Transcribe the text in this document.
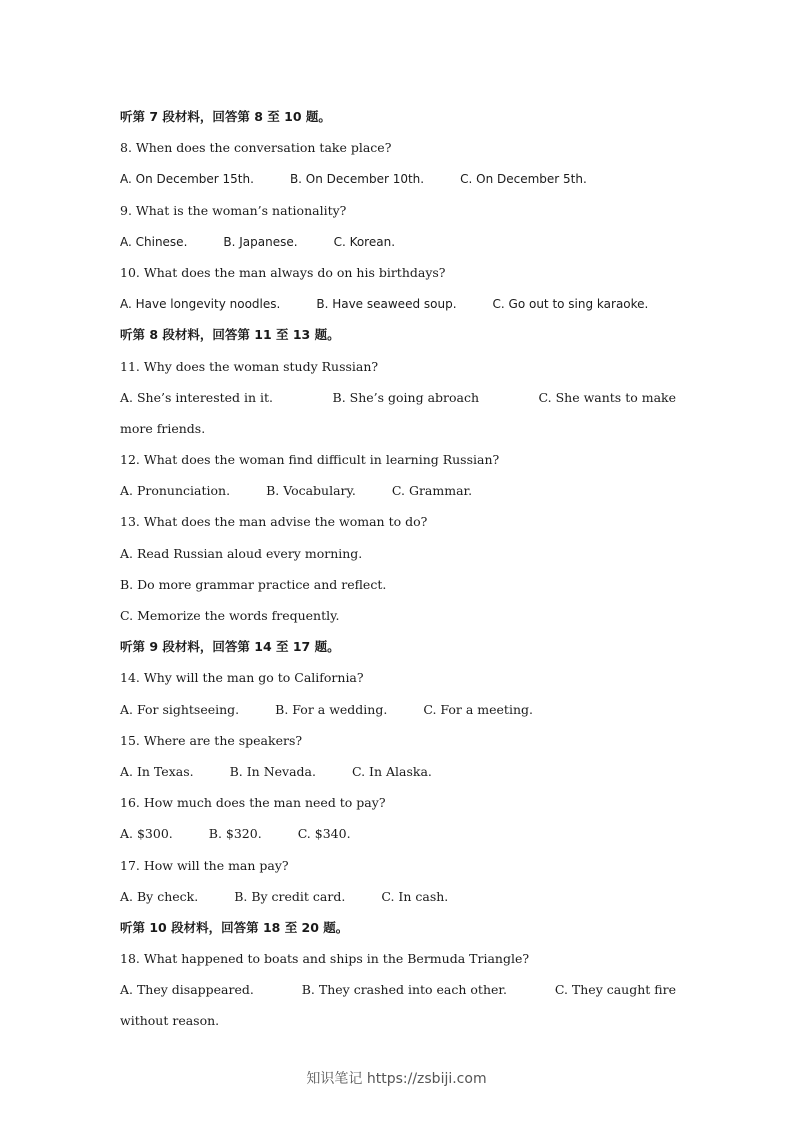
听第 7 段材料，回答第 8 至 10 题。
8. When does the conversation take place?
A. On December 15th.	B. On December 10th.	C. On December 5th.
9. What is the woman’s nationality?
A. Chinese.	B. Japanese.	C. Korean.
10. What does the man always do on his birthdays?
A. Have longevity noodles.	B. Have seaweed soup.	C. Go out to sing karaoke.
听第 8 段材料，回答第 11 至 13 题。
11. Why does the woman study Russian?
A. She’s interested in it.	B. She’s going abroach	C. She wants to make
more friends.
12. What does the woman find difficult in learning Russian?
A. Pronunciation.	B. Vocabulary.	C. Grammar.
13. What does the man advise the woman to do?
A. Read Russian aloud every morning.
B. Do more grammar practice and reflect.
C. Memorize the words frequently.
听第 9 段材料，回答第 14 至 17 题。
14. Why will the man go to California?
A. For sightseeing.	B. For a wedding.	C. For a meeting.
15. Where are the speakers?
A. In Texas.	B. In Nevada.	C. In Alaska.
16. How much does the man need to pay?
A. $300.	B. $320.	C. $340.
17. How will the man pay?
A. By check.	B. By credit card.	C. In cash.
听第 10 段材料，回答第 18 至 20 题。
18. What happened to boats and ships in the Bermuda Triangle?
A. They disappeared.	B. They crashed into each other.	C. They caught fire
without reason.
知识笔记 https://zsbiji.com
